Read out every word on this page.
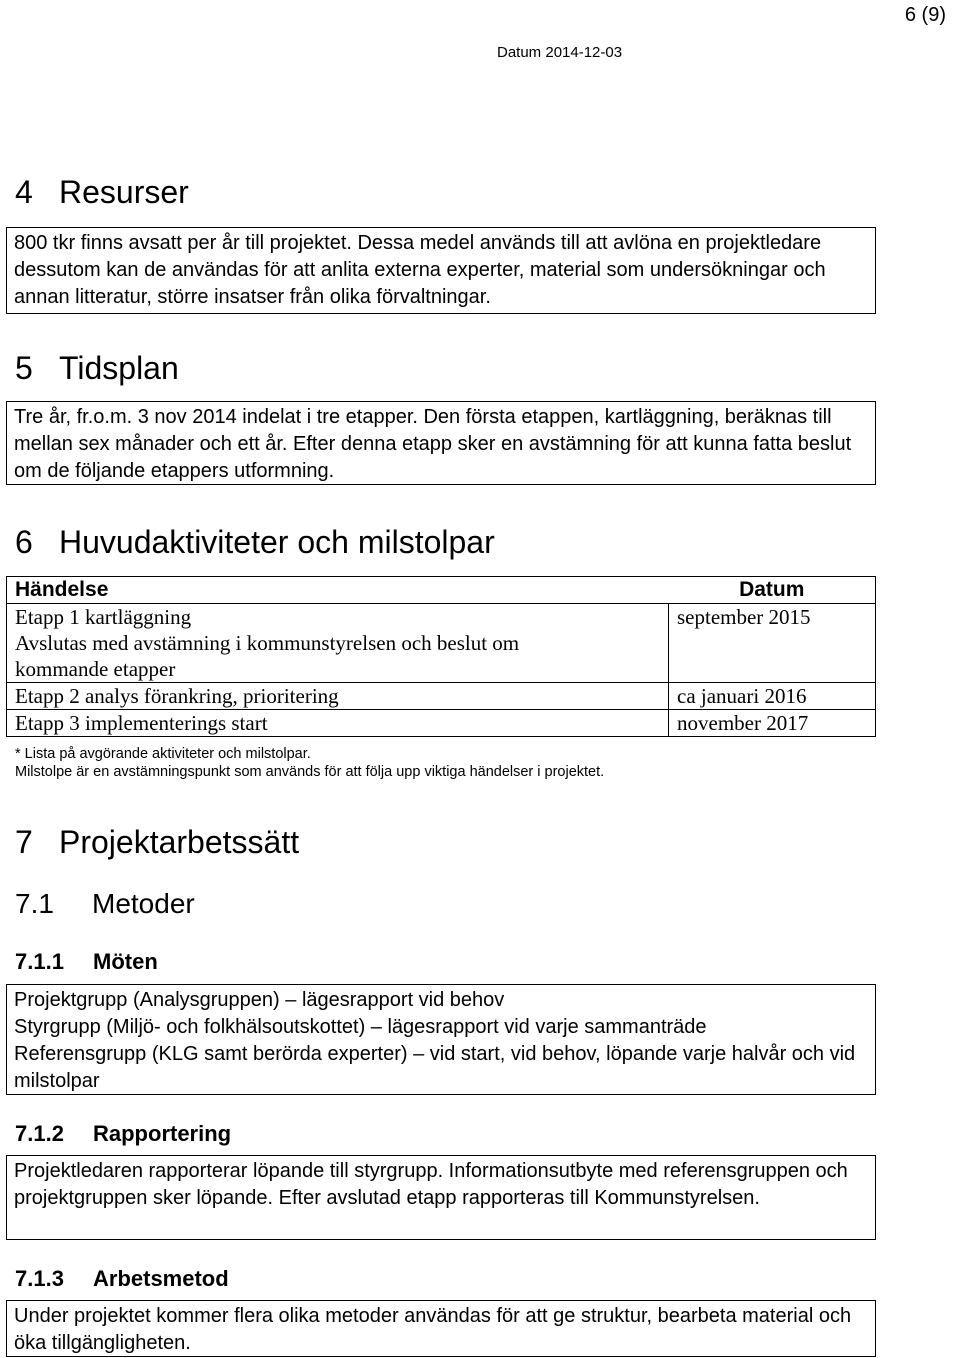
6 (9)
Datum 2014-12-03
4 Resurser

800 tkr finns avsatt per år till projektet. Dessa medel används till att avlöna en projektledare dessutom kan de användas för att anlita externa experter, material som undersökningar och annan litteratur, större insatser från olika förvaltningar.

5 Tidsplan

Tre år, fr.o.m. 3 nov 2014 indelat i tre etapper. Den första etappen, kartläggning, beräknas till mellan sex månader och ett år. Efter denna etapp sker en avstämning för att kunna fatta beslut om de följande etappers utformning.

6 Huvudaktiviteter och milstolpar
Händelse	Datum

Etapp 1 kartläggning
Avslutas med avstämning i kommunstyrelsen och beslut om kommande etapper	september 2015
Etapp 2 analys förankring, prioritering	ca januari 2016
Etapp 3 implementerings start	november 2017
* Lista på avgörande aktiviteter och milstolpar.
Milstolpe är en avstämningspunkt som används för att följa upp viktiga händelser i projektet.
7 Projektarbetssätt
7.1 Metoder
7.1.1 Möten

Projektgrupp (Analysgruppen) – lägesrapport vid behov

Styrgrupp (Miljö- och folkhälsoutskottet) – lägesrapport vid varje sammanträde

Referensgrupp (KLG samt berörda experter) – vid start, vid behov, löpande varje halvår och vid milstolpar

7.1.2 Rapportering

Projektledaren rapporterar löpande till styrgrupp. Informationsutbyte med referensgruppen och projektgruppen sker löpande. Efter avslutad etapp rapporteras till Kommunstyrelsen.

7.1.3 Arbetsmetod

Under projektet kommer flera olika metoder användas för att ge struktur, bearbeta material och öka tillgängligheten.
